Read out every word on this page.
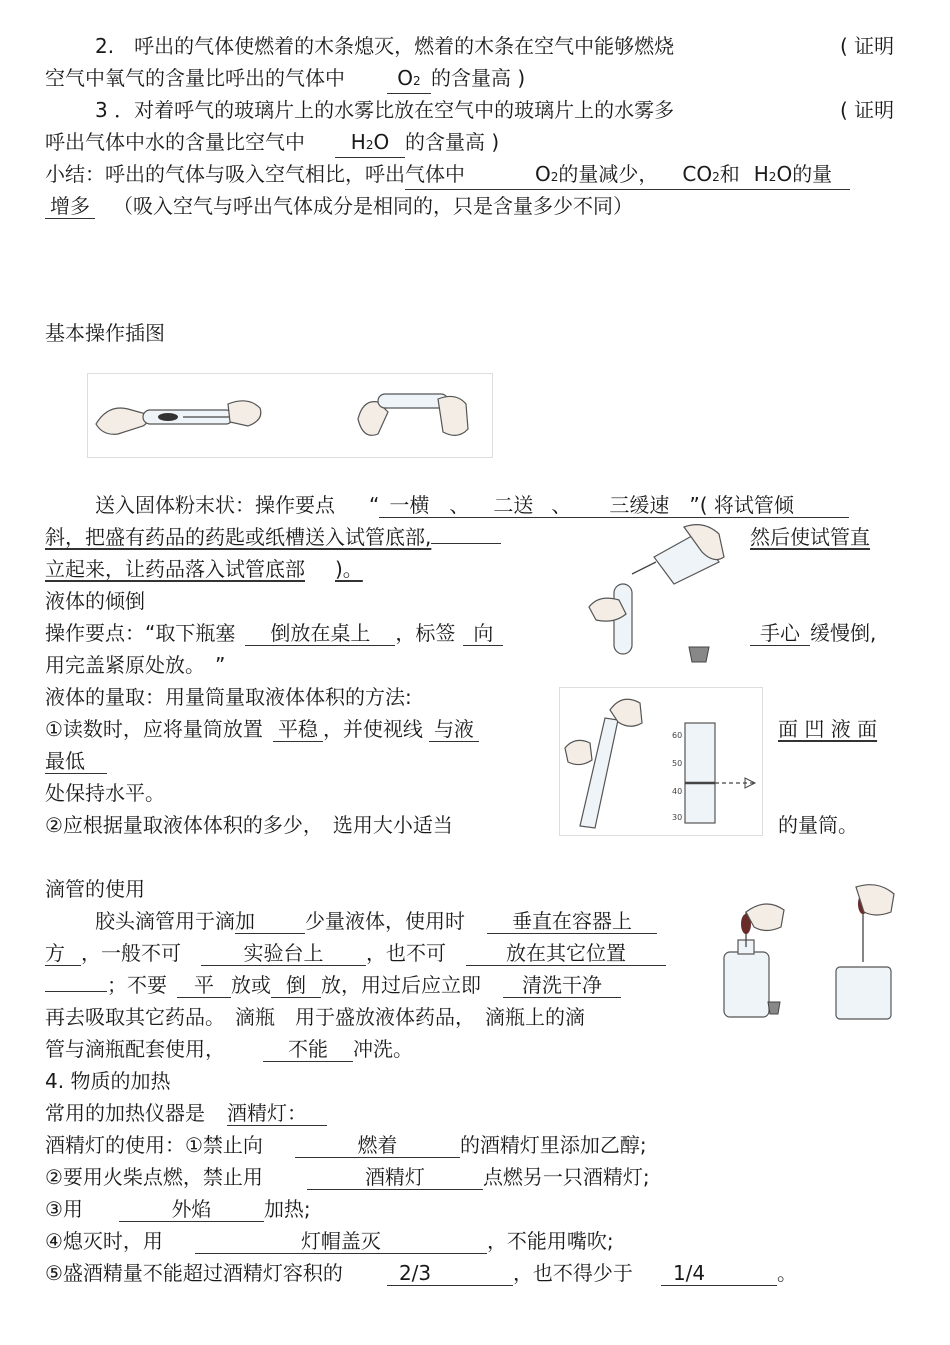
2.　呼出的气体使燃着的木条熄灭，燃着的木条在空气中能够燃烧	( 证明
空气中氧气的含量比呼出的气体中	O2 的含量高 )
3 ．对着呼气的玻璃片上的水雾比放在空气中的玻璃片上的水雾多	( 证明
呼出气体中水的含量比空气中 H2O 的含量高 )
小结：呼出的气体与吸入空气相比，呼出气体中	O2的量减少， CO2和 H2O的量
增多 （吸入空气与呼出气体成分是相同的，只是含量多少不同）
基本操作插图
送入固体粉末状：操作要点 “ 一横 、 二送 、 三缓速 ”( 将试管倾
斜，把盛有药品的药匙或纸槽送入试管底部,	然后使试管直
立起来，让药品落入试管底部 )。
液体的倾倒
操作要点：“取下瓶塞 倒放在桌上 ，标签 向	手心 缓慢倒,
用完盖紧原处放。　”
60
50
40
30
液体的量取：用量筒量取液体体积的方法:
①读数时，应将量筒放置 平稳 ，并使视线 与液	面 凹 液 面
最低
处保持水平。
②应根据量取液体体积的多少，　选用大小适当	的量筒。
滴管的使用
胶头滴管用于滴加	少量液体，使用时 垂直在容器上
方 ，一般不可	实验台上 ，也不可	放在其它位置
；不要 平 放或 倒 放，用过后应立即 清洗干净
再去吸取其它药品。　滴瓶　用于盛放液体药品，　滴瓶上的滴
管与滴瓶配套使用，	不能 冲洗。
4. 物质的加热
常用的加热仪器是 酒精灯：
酒精灯的使用：①禁止向	燃着	的酒精灯里添加乙醇;
②要用火柴点燃，禁止用	酒精灯	点燃另一只酒精灯;
③用	外焰	加热;
④熄灭时，用	灯帽盖灭	，不能用嘴吹;
⑤盛酒精量不能超过酒精灯容积的	2/3	，也不得少于 1/4	。
